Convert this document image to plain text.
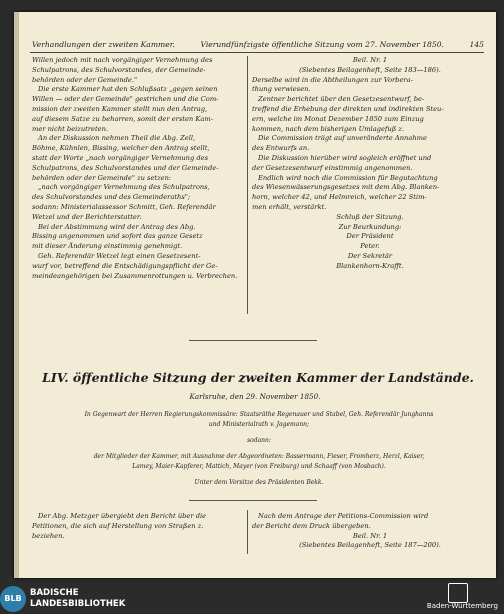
Verhandlungen der zweiten Kammer.	Vierundfünfzigste öffentliche Sitzung vom 27. November 1850.	145
Willen jedoch mit nach vorgängiger Vernehmung des
Schulpatrons, des Schulvorstandes, der Gemeinde-
behörden oder der Gemeinde."
Die erste Kammer hat den Schlußsatz „gegen seinen
Willen — oder der Gemeinde" gestrichen und die Com-
mission der zweiten Kammer stellt nun den Antrag,
auf diesem Satze zu beharren, somit der ersten Kam-
mer nicht beizutreten.
An der Diskussion nehmen Theil die Abg. Zell,
Böhme, Kühnlen, Bissing, welcher den Antrag stellt,
statt der Worte „nach vorgängiger Vernehmung des
Schulpatrons, des Schulvorstandes und der Gemeinde-
behörden oder der Gemeinde" zu setzen:
„nach vorgängiger Vernehmung des Schulpatrons,
des Schulvorstandes und des Gemeinderaths";
sodann: Ministerialassessor Schmitt, Geh. Referendär
Wetzel und der Berichterstatter.
Bei der Abstimmung wird der Antrag des Abg.
Bissing angenommen und sofort das ganze Gesetz
mit dieser Änderung einstimmig genehmigt.
Geh. Referendär Wetzel legt einen Gesetzesent-
wurf vor, betreffend die Entschädigungspflicht der Ge-
meindeangehörigen bei Zusammenrottungen u. Verbrechen.
Beil. Nr. 1
(Siebentes Beilagenheft, Seite 183—186).
Derselbe wird in die Abtheilungen zur Vorbera-
thung verwiesen.
Zentner berichtet über den Gesetzesentwurf, be-
treffend die Erhebung der direkten und indirekten Steu-
ern, welche im Monat Dezember 1850 zum Einzug
kommen, nach dem bisherigen Umlagefuß z.
Die Commission trägt auf unveränderte Annahme
des Entwurfs an.
Die Diskussion hierüber wird sogleich eröffnet und
der Gesetzesentwurf einstimmig angenommen.
Endlich wird noch die Commission für Begutachtung
des Wiesenwässerungsgesetzes mit dem Abg. Blanken-
horn, welcher 42, und Helmreich, welcher 22 Stim-
men erhält, verstärkt.
Schluß der Sitzung.
Zur Beurkundung:
Der Präsident
Peter.
Der Sekretär
Blankenhorn-Krafft.
LIV. öffentliche Sitzung der zweiten Kammer der Landstände.
Karlsruhe, den 29. November 1850.
In Gegenwart der Herren Regierungskommissäre: Staatsräthe Regenauer und Stabel, Geh. Referendär Junghanns
und Ministerialrath v. Jagemann;
sodann:
der Mitglieder der Kammer, mit Ausnahme der Abgeordneten: Bassermann, Fieser, Fromherz, Herzl, Kaiser,
Lamey, Maier-Kapferer, Mattich, Mayer (von Freiburg) und Schaaff (von Mosbach).
Unter dem Vorsitze des Präsidenten Bekk.
Der Abg. Metzger übergiebt den Bericht über die
Petitionen, die sich auf Herstellung von Straßen z.
beziehen.
Nach dem Antrage der Petitions-Commission wird
der Bericht dem Druck übergeben.
Beil. Nr. 1
(Siebentes Beilagenheft, Seite 187—200).
BLB
BADISCHE
LANDESBIBLIOTHEK	Baden-Württemberg
